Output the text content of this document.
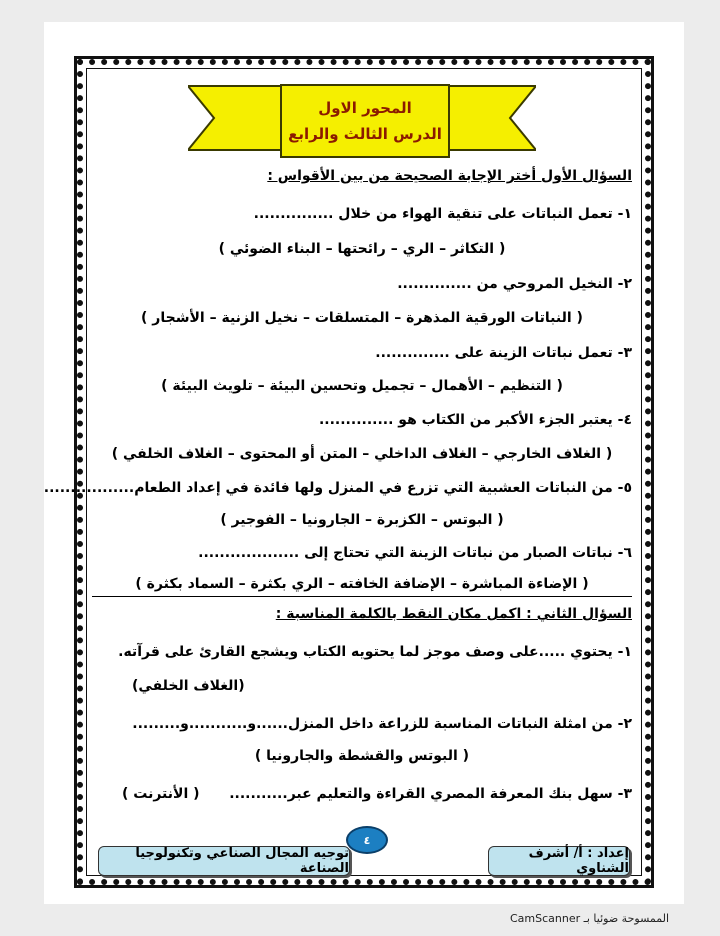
المحور الاول
الدرس الثالث والرابع
السؤال الأول أختر الإجابة الصحيحة من بين الأقواس :
١- تعمل النباتات على تنقية الهواء من خلال ...............
( التكاثر – الري – رائحتها – البناء الضوئي )
٢- النخيل المروحي من ..............
( النباتات الورقية المذهرة – المتسلقات – نخيل الزنية – الأشجار )
٣- تعمل نباتات الزينة على ..............
( التنظيم – الأهمال – تجميل وتحسين البيئة – تلويث البيئة )
٤- يعتبر الجزء الأكبر من الكتاب هو ..............
( الغلاف الخارجي – الغلاف الداخلي – المتن أو المحتوى – الغلاف الخلفي )
٥- من النباتات العشبية التي تزرع في المنزل ولها فائدة في إعداد الطعام.................
( البوتس – الكزبرة – الجارونيا – الفوجير )
٦- نباتات الصبار من نباتات الزينة التي تحتاج إلى ...................
( الإضاءة المباشرة – الإضافة الخافته – الري بكثرة – السماد بكثرة )
السؤال الثاني : اكمل مكان النقط بالكلمة المناسبة :
١- يحتوي .....على وصف موجز لما يحتويه الكتاب ويشجع القارئ على قرآته.
(الغلاف الخلفي)
٢- من امثلة النباتات المناسبة للزراعة داخل المنزل......و...........و.........
( البوتس والقشطة والجارونيا )
٣- سهل بنك المعرفة المصري القراءة والتعليم عبر...........
( الأنترنت )
٤
إعداد : أ/ أشرف الشناوي
توجيه المجال الصناعي وتكنولوجيا الصناعة
الممسوحة ضوئيا بـ CamScanner
